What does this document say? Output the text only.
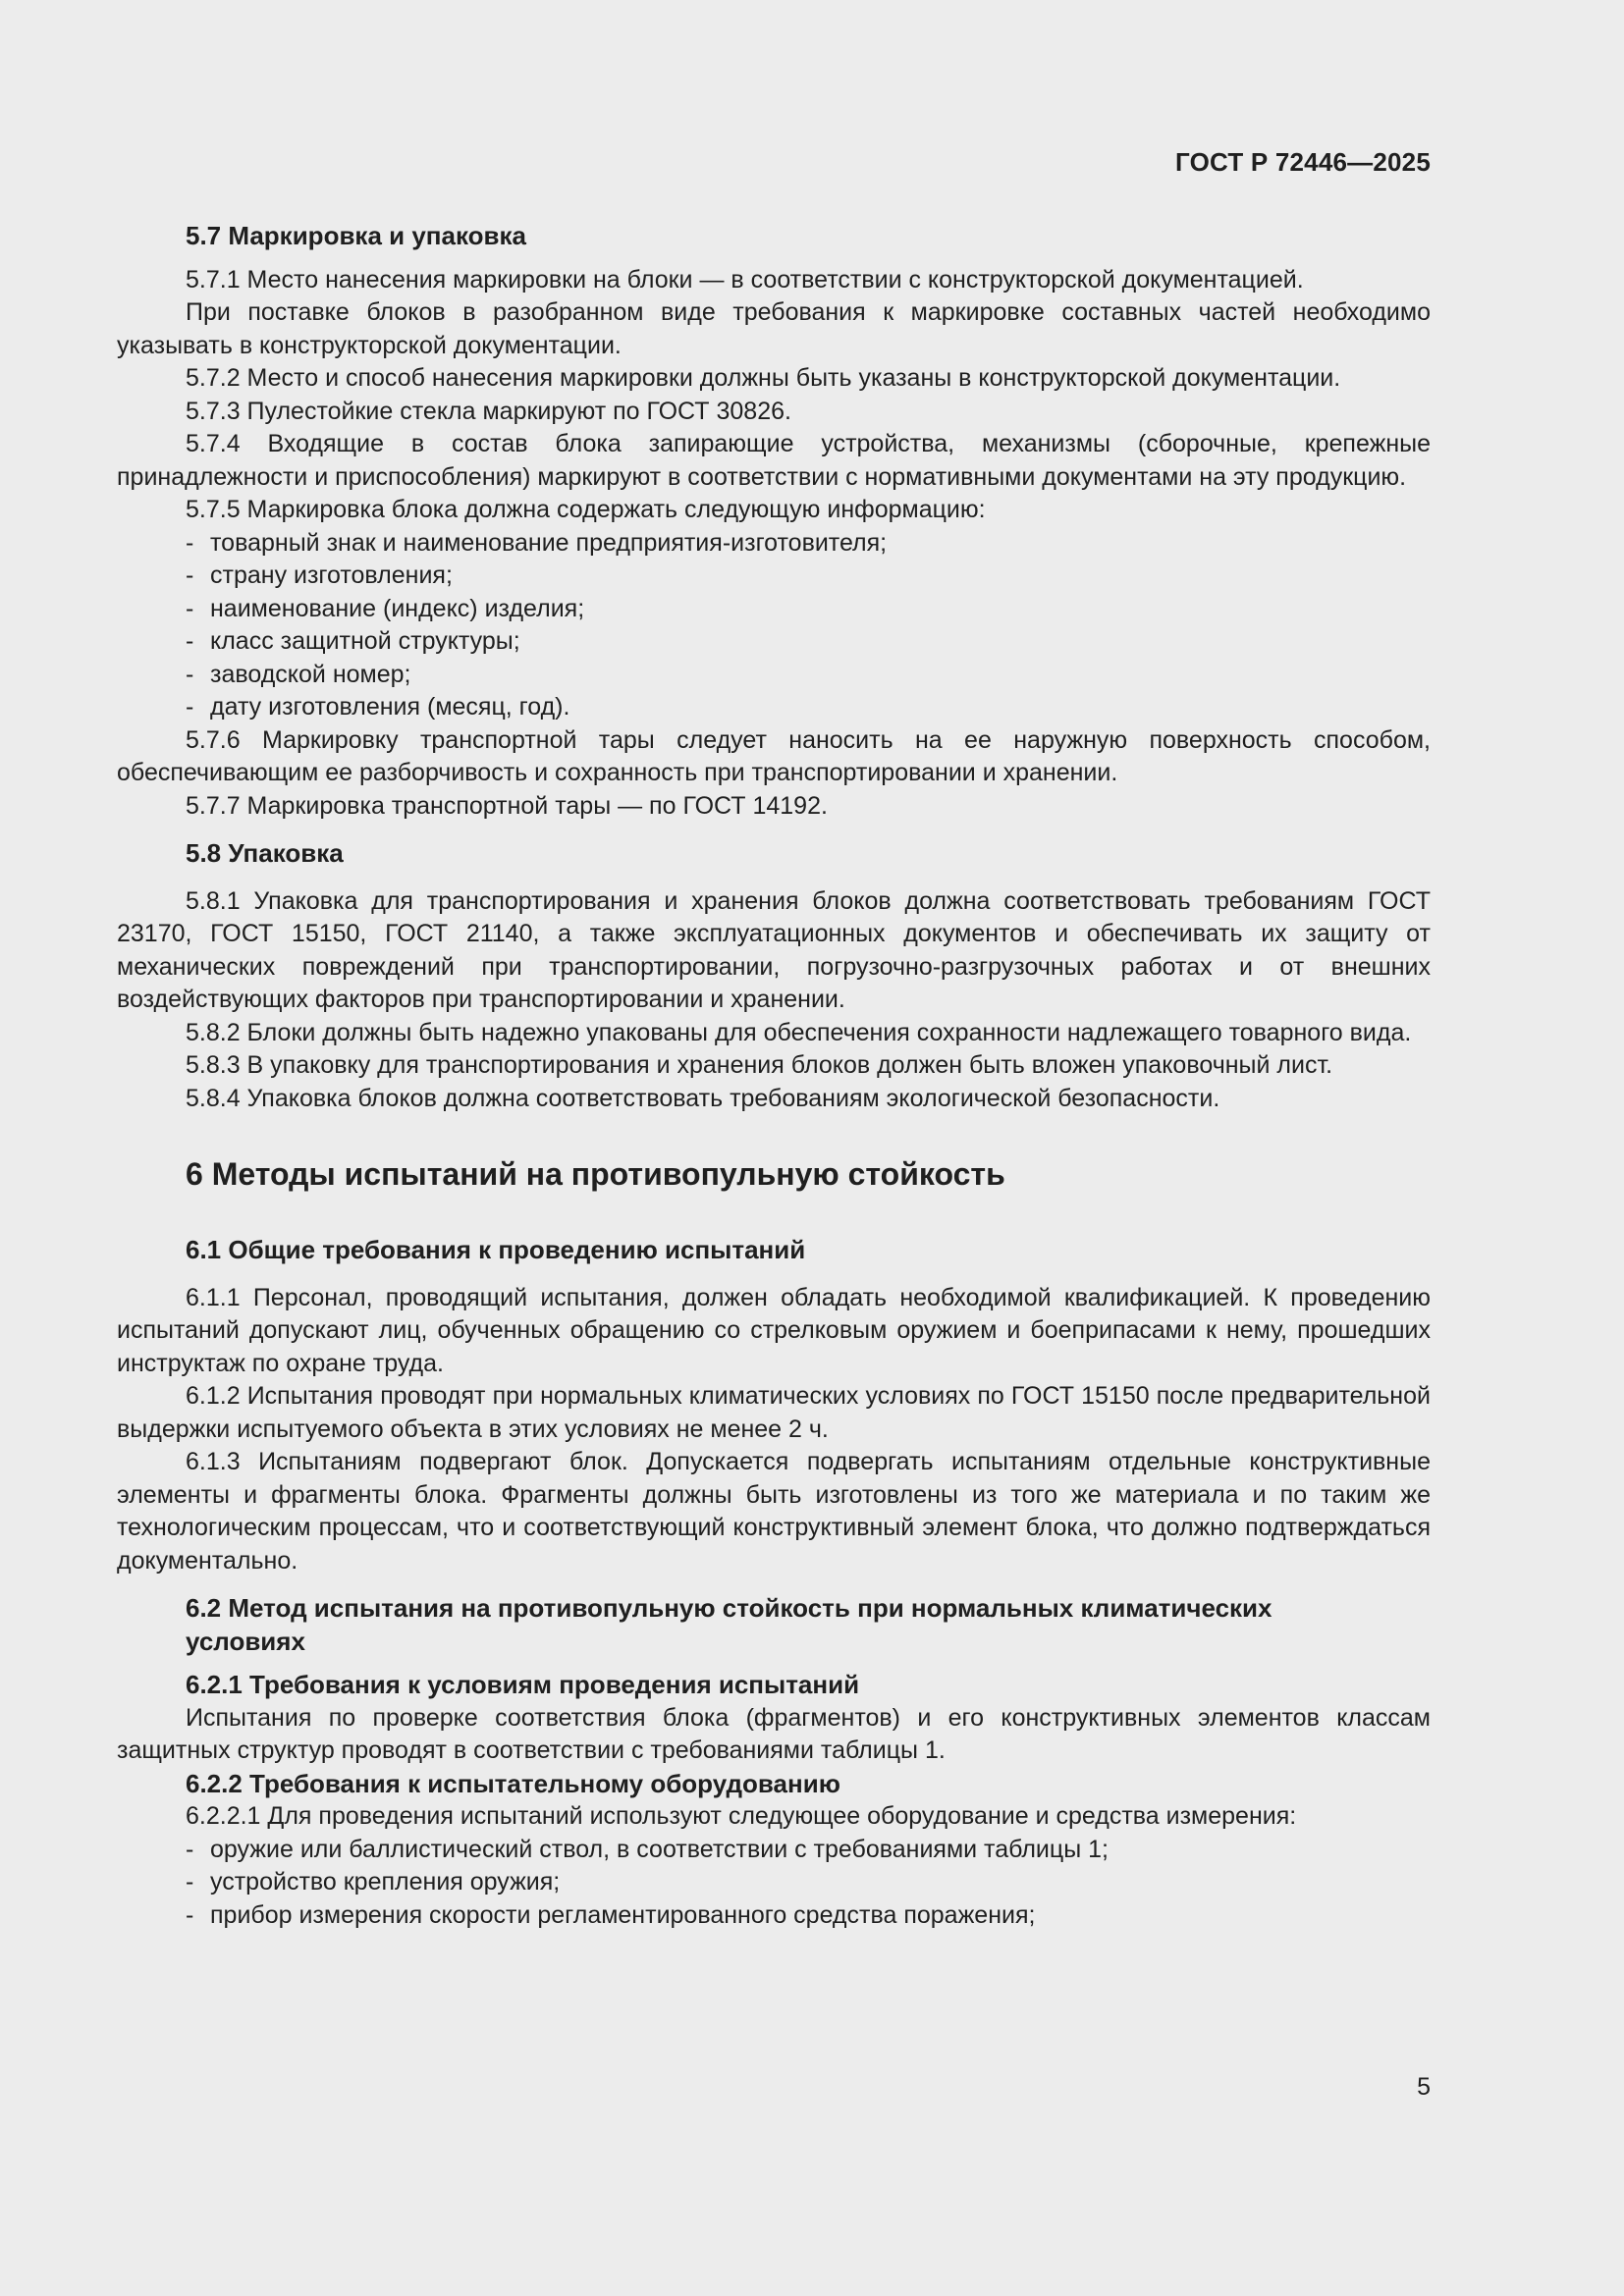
ГОСТ Р 72446—2025
5.7 Маркировка и упаковка

5.7.1 Место нанесения маркировки на блоки — в соответствии с конструкторской документацией.

При поставке блоков в разобранном виде требования к маркировке составных частей необходимо указывать в конструкторской документации.

5.7.2 Место и способ нанесения маркировки должны быть указаны в конструкторской документации.

5.7.3 Пулестойкие стекла маркируют по ГОСТ 30826.

5.7.4 Входящие в состав блока запирающие устройства, механизмы (сборочные, крепежные принадлежности и приспособления) маркируют в соответствии с нормативными документами на эту продукцию.

5.7.5 Маркировка блока должна содержать следующую информацию:

- товарный знак и наименование предприятия-изготовителя;

- страну изготовления;

- наименование (индекс) изделия;

- класс защитной структуры;

- заводской номер;

- дату изготовления (месяц, год).

5.7.6 Маркировку транспортной тары следует наносить на ее наружную поверхность способом, обеспечивающим ее разборчивость и сохранность при транспортировании и хранении.

5.7.7 Маркировка транспортной тары — по ГОСТ 14192.

5.8 Упаковка

5.8.1 Упаковка для транспортирования и хранения блоков должна соответствовать требованиям ГОСТ 23170, ГОСТ 15150, ГОСТ 21140, а также эксплуатационных документов и обеспечивать их защиту от механических повреждений при транспортировании, погрузочно-разгрузочных работах и от внешних воздействующих факторов при транспортировании и хранении.

5.8.2 Блоки должны быть надежно упакованы для обеспечения сохранности надлежащего товарного вида.

5.8.3 В упаковку для транспортирования и хранения блоков должен быть вложен упаковочный лист.

5.8.4 Упаковка блоков должна соответствовать требованиям экологической безопасности.

6 Методы испытаний на противопульную стойкость
6.1 Общие требования к проведению испытаний

6.1.1 Персонал, проводящий испытания, должен обладать необходимой квалификацией. К проведению испытаний допускают лиц, обученных обращению со стрелковым оружием и боеприпасами к нему, прошедших инструктаж по охране труда.

6.1.2 Испытания проводят при нормальных климатических условиях по ГОСТ 15150 после предварительной выдержки испытуемого объекта в этих условиях не менее 2 ч.

6.1.3 Испытаниям подвергают блок. Допускается подвергать испытаниям отдельные конструктивные элементы и фрагменты блока. Фрагменты должны быть изготовлены из того же материала и по таким же технологическим процессам, что и соответствующий конструктивный элемент блока, что должно подтверждаться документально.

6.2 Метод испытания на противопульную стойкость при нормальных климатических
условиях
6.2.1 Требования к условиям проведения испытаний

Испытания по проверке соответствия блока (фрагментов) и его конструктивных элементов классам защитных структур проводят в соответствии с требованиями таблицы 1.

6.2.2 Требования к испытательному оборудованию

6.2.2.1 Для проведения испытаний используют следующее оборудование и средства измерения:

- оружие или баллистический ствол, в соответствии с требованиями таблицы 1;

- устройство крепления оружия;

- прибор измерения скорости регламентированного средства поражения;

5
